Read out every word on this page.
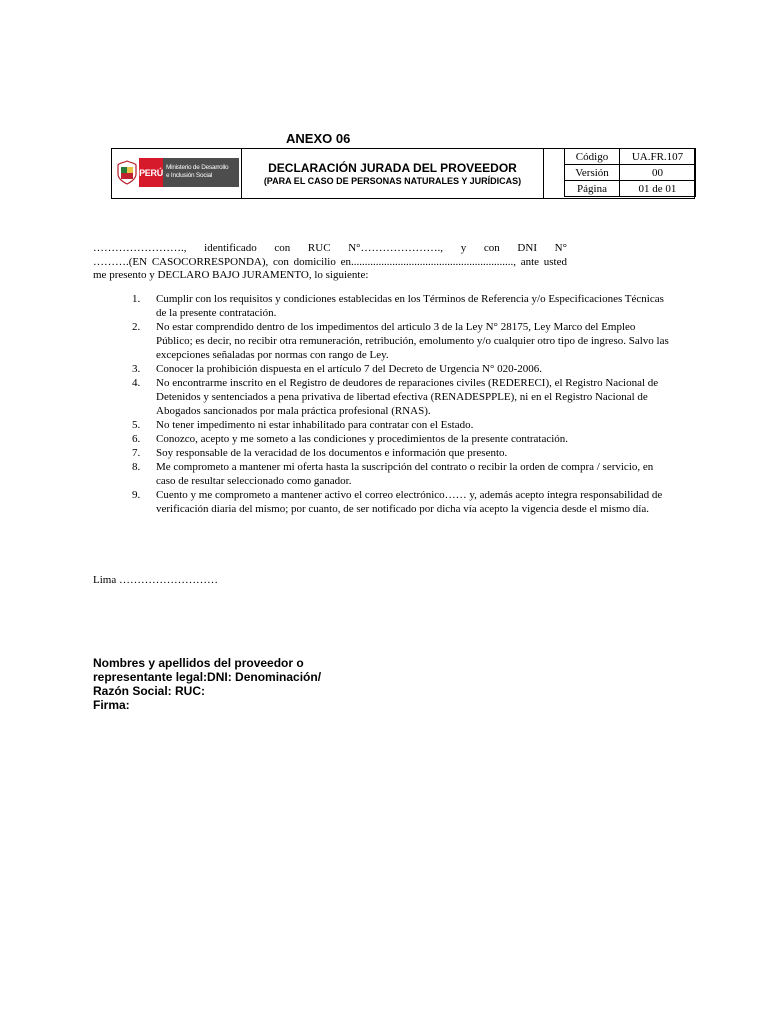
ANEXO 06
PERÚ Ministerio de Desarrollo
e Inclusión Social
DECLARACIÓN JURADA DEL PROVEEDOR
(PARA EL CASO DE PERSONAS NATURALES Y JURÍDICAS)
Código	UA.FR.107
Versión	00
Página	01 de 01
……………………., identificado con RUC N°…………………., y con DNI N°
……….(EN CASOCORRESPONDA), con domicilio en..........................................................., ante usted
me presento y DECLARO BAJO JURAMENTO, lo siguiente:
1. Cumplir con los requisitos y condiciones establecidas en los Términos de Referencia y/o Especificaciones Técnicas de la presente contratación.
2. No estar comprendido dentro de los impedimentos del articulo 3 de la Ley N° 28175, Ley Marco del Empleo Público; es decir, no recibir otra remuneración, retribución, emolumento y/o cualquier otro tipo de ingreso. Salvo las excepciones señaladas por normas con rango de Ley.
3. Conocer la prohibición dispuesta en el artículo 7 del Decreto de Urgencia N° 020-2006.
4. No encontrarme inscrito en el Registro de deudores de reparaciones civiles (REDERECI), el Registro Nacional de Detenidos y sentenciados a pena privativa de libertad efectiva (RENADESPPLE), ni en el Registro Nacional de Abogados sancionados por mala práctica profesional (RNAS).
5. No tener impedimento ni estar inhabilitado para contratar con el Estado.
6. Conozco, acepto y me someto a las condiciones y procedimientos de la presente contratación.
7. Soy responsable de la veracidad de los documentos e información que presento.
8. Me comprometo a mantener mi oferta hasta la suscripción del contrato o recibir la orden de compra / servicio, en caso de resultar seleccionado como ganador.
9. Cuento y me comprometo a mantener activo el correo electrónico…… y, además acepto íntegra responsabilidad de verificación diaria del mismo; por cuanto, de ser notificado por dicha vía acepto la vigencia desde el mismo día.
Lima ………………………
Nombres y apellidos del proveedor o
representante legal:DNI: Denominación/
Razón Social: RUC:
Firma:
